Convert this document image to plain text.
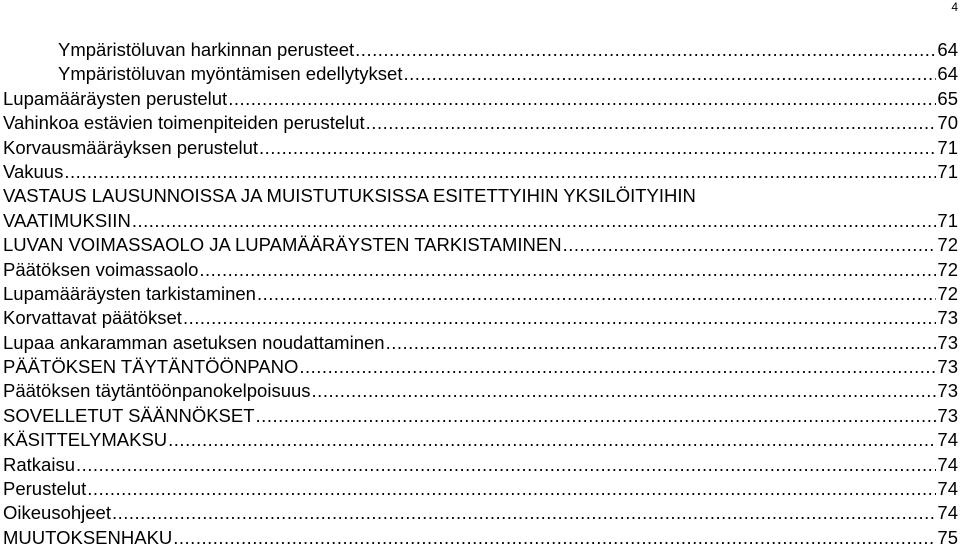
4
Ympäristöluvan harkinnan perusteet .....	64
Ympäristöluvan myöntämisen edellytykset .....	64
Lupamääräysten perustelut .....	65
Vahinkoa estävien toimenpiteiden perustelut .....	70
Korvausmääräyksen perustelut .....	71
Vakuus .....	71
VASTAUS LAUSUNNOISSA JA MUISTUTUKSISSA ESITETTYIHIN YKSILÖITYIHIN
VAATIMUKSIIN .....	71
LUVAN VOIMASSAOLO JA LUPAMÄÄRÄYSTEN TARKISTAMINEN .....	72
Päätöksen voimassaolo .....	72
Lupamääräysten tarkistaminen .....	72
Korvattavat päätökset .....	73
Lupaa ankaramman asetuksen noudattaminen .....	73
PÄÄTÖKSEN TÄYTÄNTÖÖNPANO .....	73
Päätöksen täytäntöönpanokelpoisuus .....	73
SOVELLETUT SÄÄNNÖKSET .....	73
KÄSITTELYMAKSU .....	74
Ratkaisu .....	74
Perustelut .....	74
Oikeusohjeet .....	74
MUUTOKSENHAKU .....	75
